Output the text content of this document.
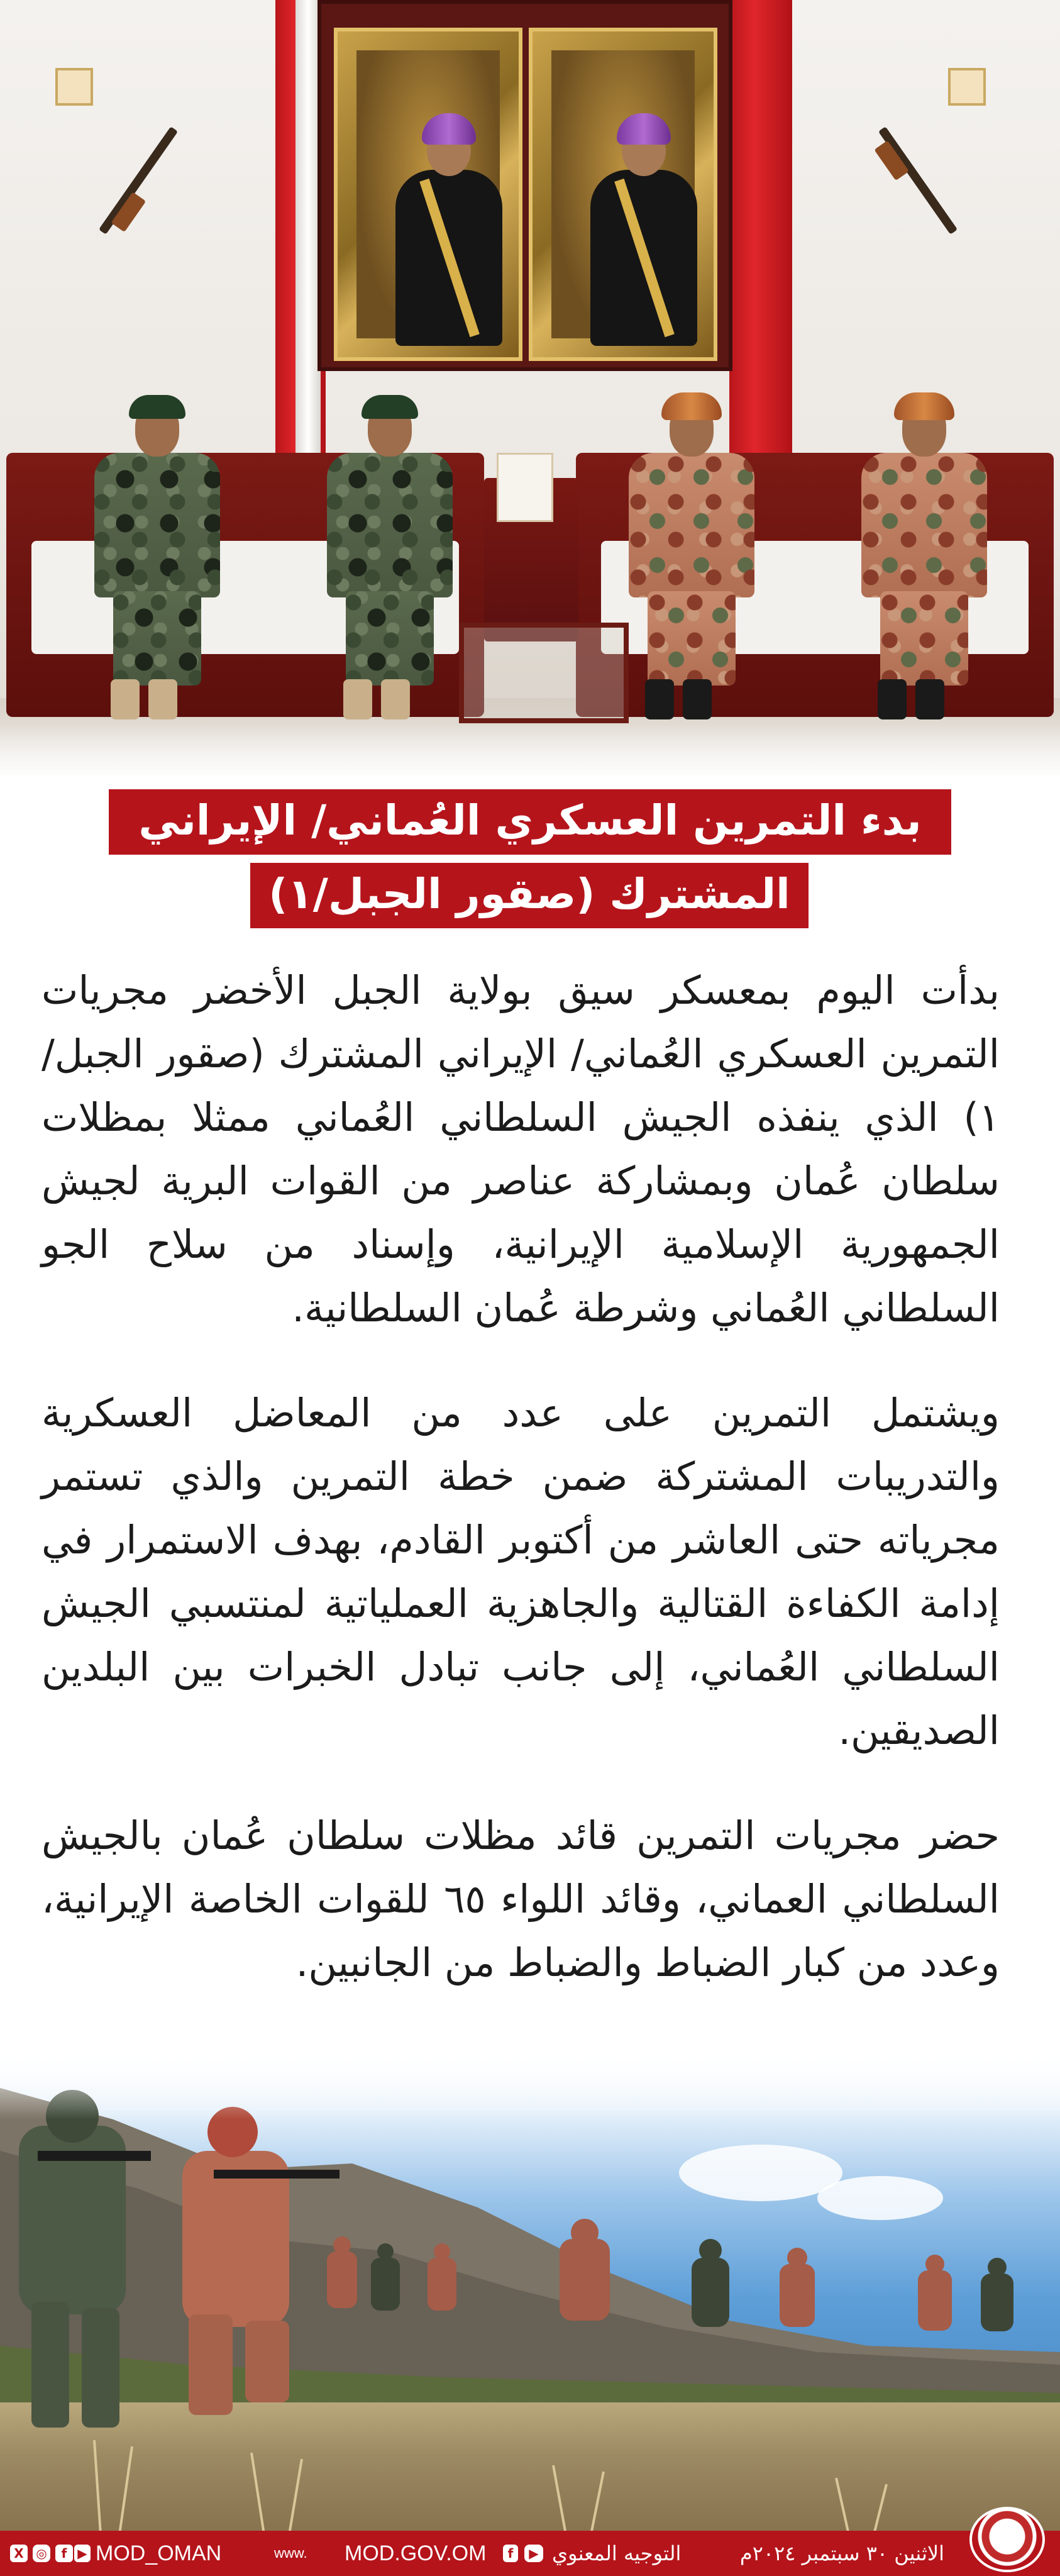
بدء التمرين العسكري العُماني/ الإيراني
المشترك (صقور الجبل/١)

بدأت اليوم بمعسكر سيق بولاية الجبل الأخضر مجريات التمرين العسكري العُماني/ الإيراني المشترك (صقور الجبل/١) الذي ينفذه الجيش السلطاني العُماني ممثلا بمظلات سلطان عُمان وبمشاركة عناصر من القوات البرية لجيش الجمهورية الإسلامية الإيرانية، وإسناد من سلاح الجو السلطاني العُماني وشرطة عُمان السلطانية.

ويشتمل التمرين على عدد من المعاضل العسكرية والتدريبات المشتركة ضمن خطة التمرين والذي تستمر مجرياته حتى العاشر من أكتوبر القادم، بهدف الاستمرار في إدامة الكفاءة القتالية والجاهزية العملياتية لمنتسبي الجيش السلطاني العُماني، إلى جانب تبادل الخبرات بين البلدين الصديقين.

حضر مجريات التمرين قائد مظلات سلطان عُمان بالجيش السلطاني العماني، وقائد اللواء ٦٥ للقوات الخاصة الإيرانية، وعدد من كبار الضباط والضباط من الجانبين.

X ◎	f ▶ MOD_OMAN	www. MOD.GOV.OM	f	▶ التوجيه المعنوي	الاثنين ٣٠ سبتمبر ٢٠٢٤م
